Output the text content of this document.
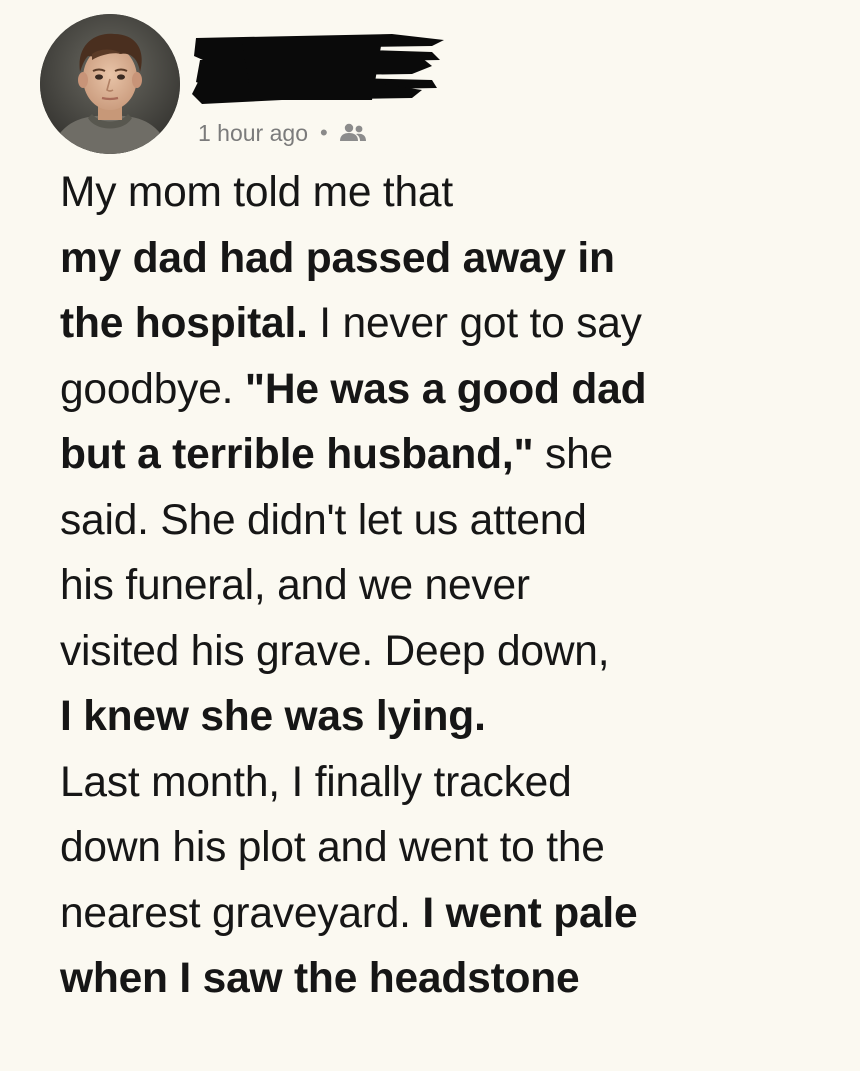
1 hour ago •
My mom told me that
my dad had passed away in
the hospital. I never got to say
goodbye. "He was a good dad
but a terrible husband," she
said. She didn't let us attend
his funeral, and we never
visited his grave. Deep down,
I knew she was lying.
Last month, I finally tracked
down his plot and went to the
nearest graveyard. I went pale
when I saw the headstone
